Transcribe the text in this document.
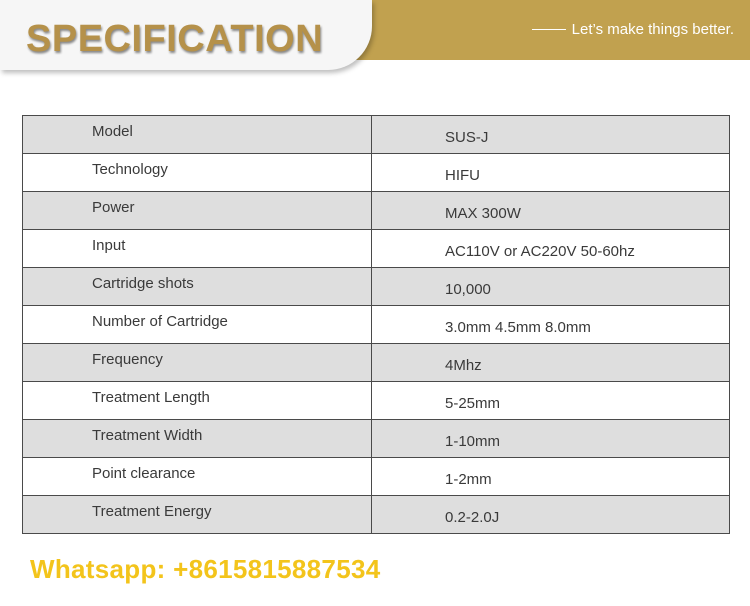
SPECIFICATION	Let’s make things better.
Model	SUS-J
Technology	HIFU
Power	MAX 300W
Input	AC110V or AC220V 50-60hz
Cartridge shots	10,000
Number of Cartridge	3.0mm 4.5mm 8.0mm
Frequency	4Mhz
Treatment Length	5-25mm
Treatment Width	1-10mm
Point clearance	1-2mm
Treatment Energy	0.2-2.0J
Whatsapp: +8615815887534
